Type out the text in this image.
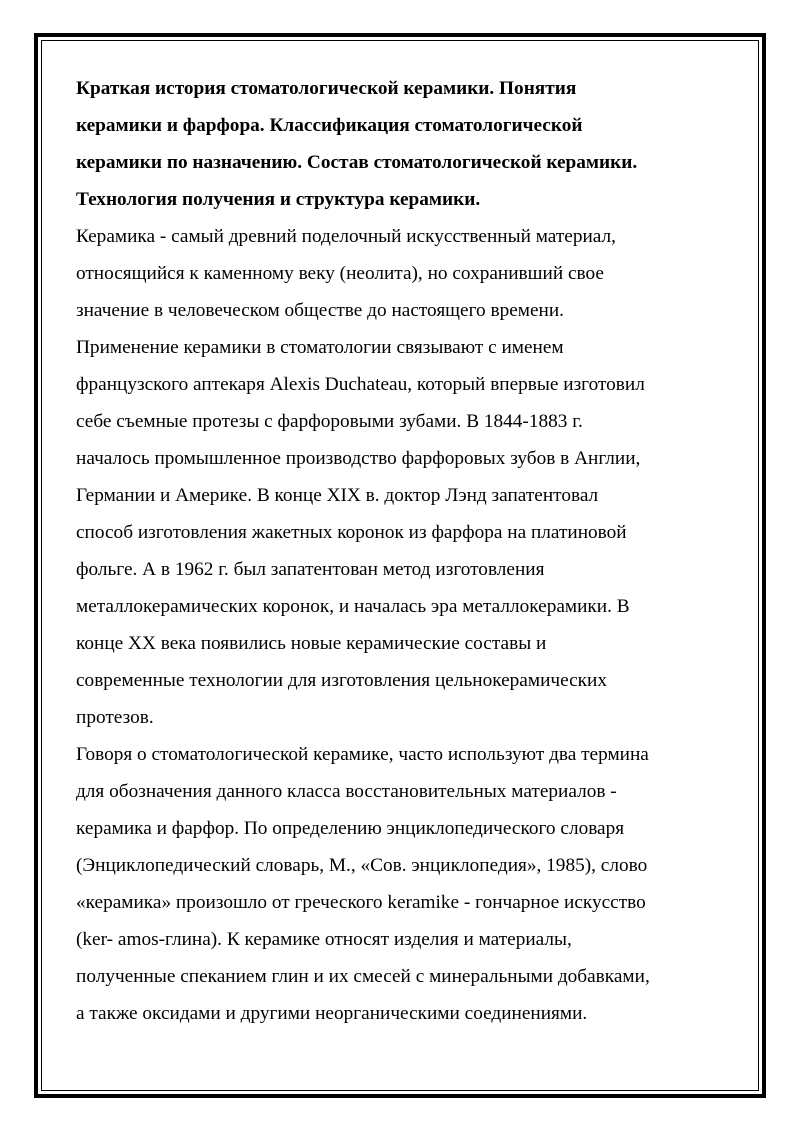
Краткая история стоматологической керамики. Понятия
керамики и фарфора. Классификация стоматологической
керамики по назначению. Состав стоматологической керамики.
Технология получения и структура керамики.
Керамика - самый древний поделочный искусственный материал,
относящийся к каменному веку (неолита), но сохранивший свое
значение в человеческом обществе до настоящего времени.
Применение керамики в стоматологии связывают с именем
французского аптекаря Alexis Duchateau, который впервые изготовил
себе съемные протезы с фарфоровыми зубами. В 1844-1883 г.
началось промышленное производство фарфоровых зубов в Англии,
Германии и Америке. В конце XIX в. доктор Лэнд запатентовал
способ изготовления жакетных коронок из фарфора на платиновой
фольге. А в 1962 г. был запатентован метод изготовления
металлокерамических коронок, и началась эра металлокерамики. В
конце XX века появились новые керамические составы и
современные технологии для изготовления цельнокерамических
протезов.
Говоря о стоматологической керамике, часто используют два термина
для обозначения данного класса восстановительных материалов -
керамика и фарфор. По определению энциклопедического словаря
(Энциклопедический словарь, М., «Сов. энциклопедия», 1985), слово
«керамика» произошло от греческого keramike - гончарное искусство
(ker- amos-глина). К керамике относят изделия и материалы,
полученные спеканием глин и их смесей с минеральными добавками,
а также оксидами и другими неорганическими соединениями.
